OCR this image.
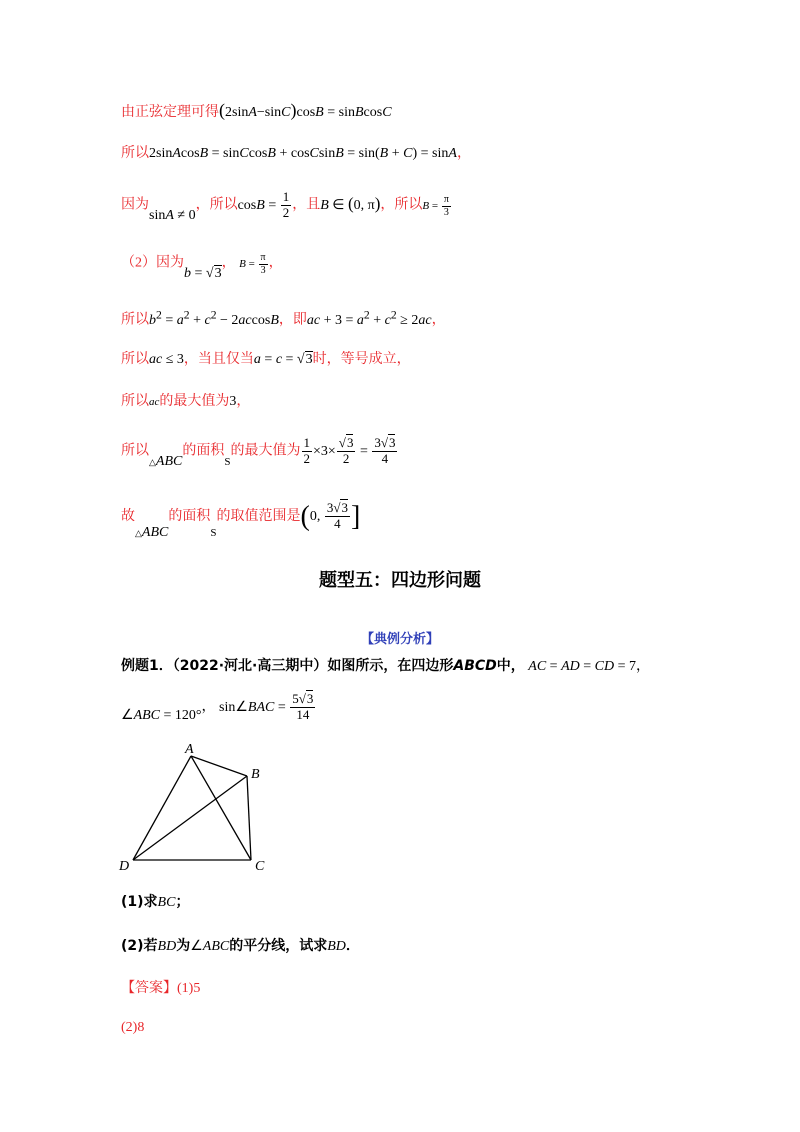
由正弦定理可得(2sinA−sinC)cosB = sinBcosC
所以2sinAcosB = sinCcosB + cosCsinB = sin(B + C) = sinA，
因为sinA ≠ 0，所以$\cos B = \frac{1}{2}$ ，且B ∈ (0, π)，所以$B = \frac{\pi}{3}$
（2）因为b = √3， $B = \frac{\pi}{3}$ ，
所以$b^2 = a^2 + c^2 - 2accosB$，即ac + $3 = a^2 + c^2 \ge 2ac$，
所以ac ≤ 3，当且仅当a = c = √3时，等号成立，
所以ac的最大值为3，
所以△ABC的面积$_S$的最大值为 $\frac{1}{2} \times 3\times \frac{√3}{2} = \frac{3√3}{4}$
故△ABC的面积$_S$的取值范围是(0, $\frac{3√3}{4}$ ]
题型五：四边形问题
【典例分析】
例题1．（2022·河北·高三期中）如图所示，在四边形ABCD中， AC = AD = CD = 7，
∠ABC = 120°， sin∠BAC = $\frac{5√3}{14}$
A
B
C
D
(1)求BC；
(2)若BD为∠ABC的平分线，试求BD．
【答案】(1)5
(2)8
